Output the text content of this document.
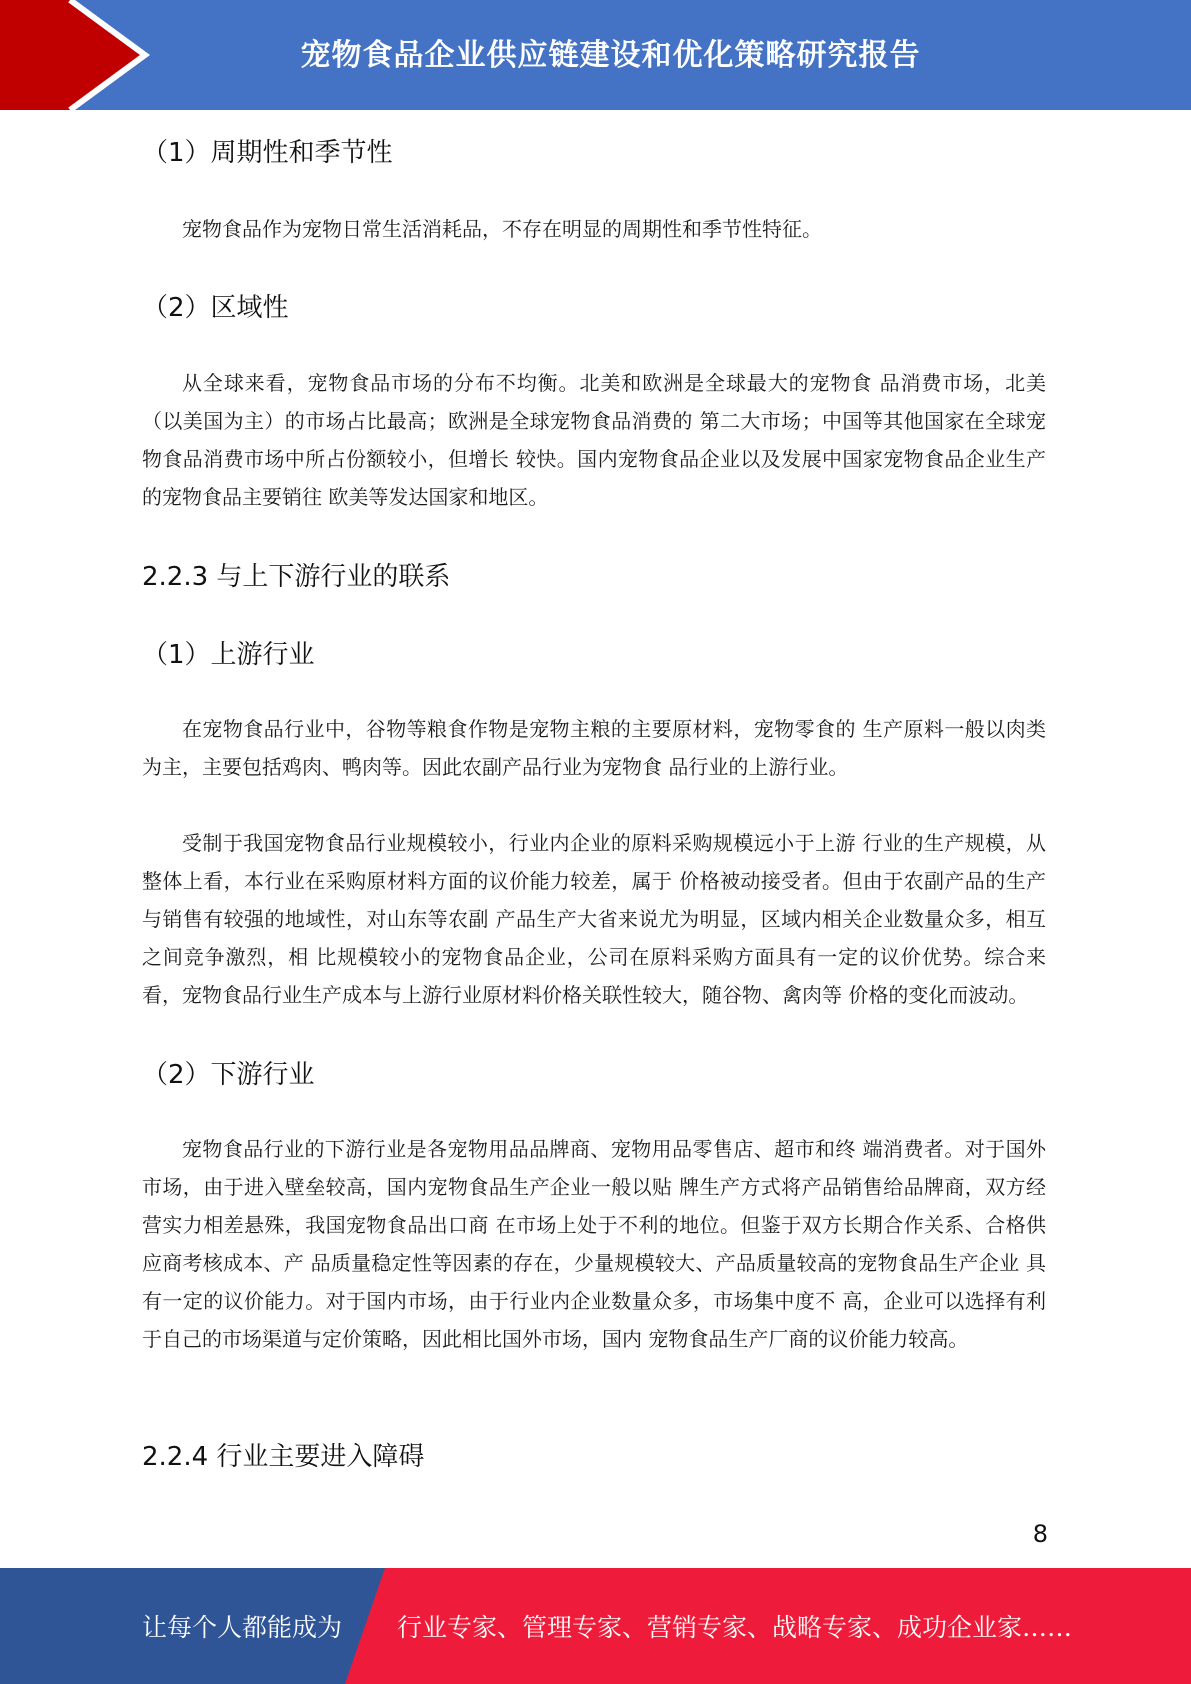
宠物食品企业供应链建设和优化策略研究报告
（1）周期性和季节性

宠物食品作为宠物日常生活消耗品，不存在明显的周期性和季节性特征。

（2）区域性

从全球来看，宠物食品市场的分布不均衡。北美和欧洲是全球最大的宠物食 品消费市场，北美（以美国为主）的市场占比最高；欧洲是全球宠物食品消费的 第二大市场；中国等其他国家在全球宠物食品消费市场中所占份额较小，但增长 较快。国内宠物食品企业以及发展中国家宠物食品企业生产的宠物食品主要销往 欧美等发达国家和地区。

2.2.3 与上下游行业的联系
（1）上游行业

在宠物食品行业中，谷物等粮食作物是宠物主粮的主要原材料，宠物零食的 生产原料一般以肉类为主，主要包括鸡肉、鸭肉等。因此农副产品行业为宠物食 品行业的上游行业。

受制于我国宠物食品行业规模较小，行业内企业的原料采购规模远小于上游 行业的生产规模，从整体上看，本行业在采购原材料方面的议价能力较差，属于 价格被动接受者。但由于农副产品的生产与销售有较强的地域性，对山东等农副 产品生产大省来说尤为明显，区域内相关企业数量众多，相互之间竞争激烈，相 比规模较小的宠物食品企业，公司在原料采购方面具有一定的议价优势。综合来 看，宠物食品行业生产成本与上游行业原材料价格关联性较大，随谷物、禽肉等 价格的变化而波动。

（2）下游行业

宠物食品行业的下游行业是各宠物用品品牌商、宠物用品零售店、超市和终 端消费者。对于国外市场，由于进入壁垒较高，国内宠物食品生产企业一般以贴 牌生产方式将产品销售给品牌商，双方经营实力相差悬殊，我国宠物食品出口商 在市场上处于不利的地位。但鉴于双方长期合作关系、合格供应商考核成本、产 品质量稳定性等因素的存在，少量规模较大、产品质量较高的宠物食品生产企业 具有一定的议价能力。对于国内市场，由于行业内企业数量众多，市场集中度不 高，企业可以选择有利于自己的市场渠道与定价策略，因此相比国外市场，国内 宠物食品生产厂商的议价能力较高。

2.2.4 行业主要进入障碍
8
让每个人都能成为 行业专家、管理专家、营销专家、战略专家、成功企业家……
